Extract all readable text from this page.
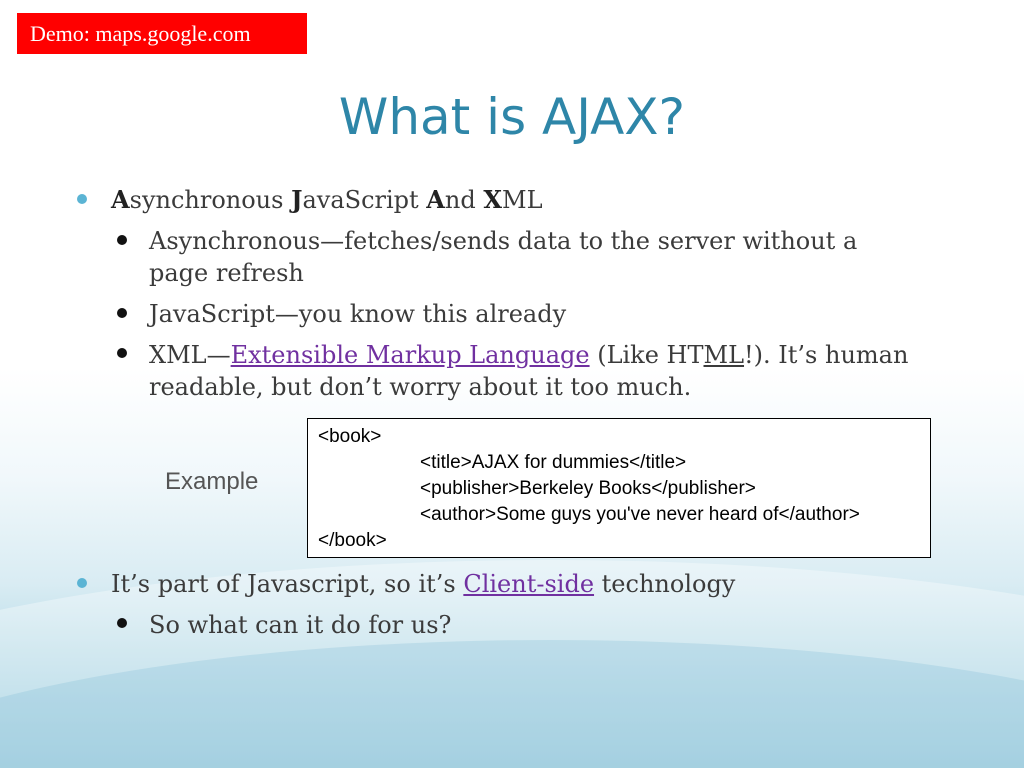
Demo: maps.google.com
What is AJAX?

Asynchronous JavaScript And XML

Asynchronous—fetches/sends data to the server without a
page refresh

JavaScript—you know this already

XML—Extensible Markup Language (Like HTML!). It’s human
readable, but don’t worry about it too much.

Example
<book>
<title>AJAX for dummies</title>
<publisher>Berkeley Books</publisher>
<author>Some guys you've never heard of</author>
</book>

It’s part of Javascript, so it’s Client-side technology

So what can it do for us?
